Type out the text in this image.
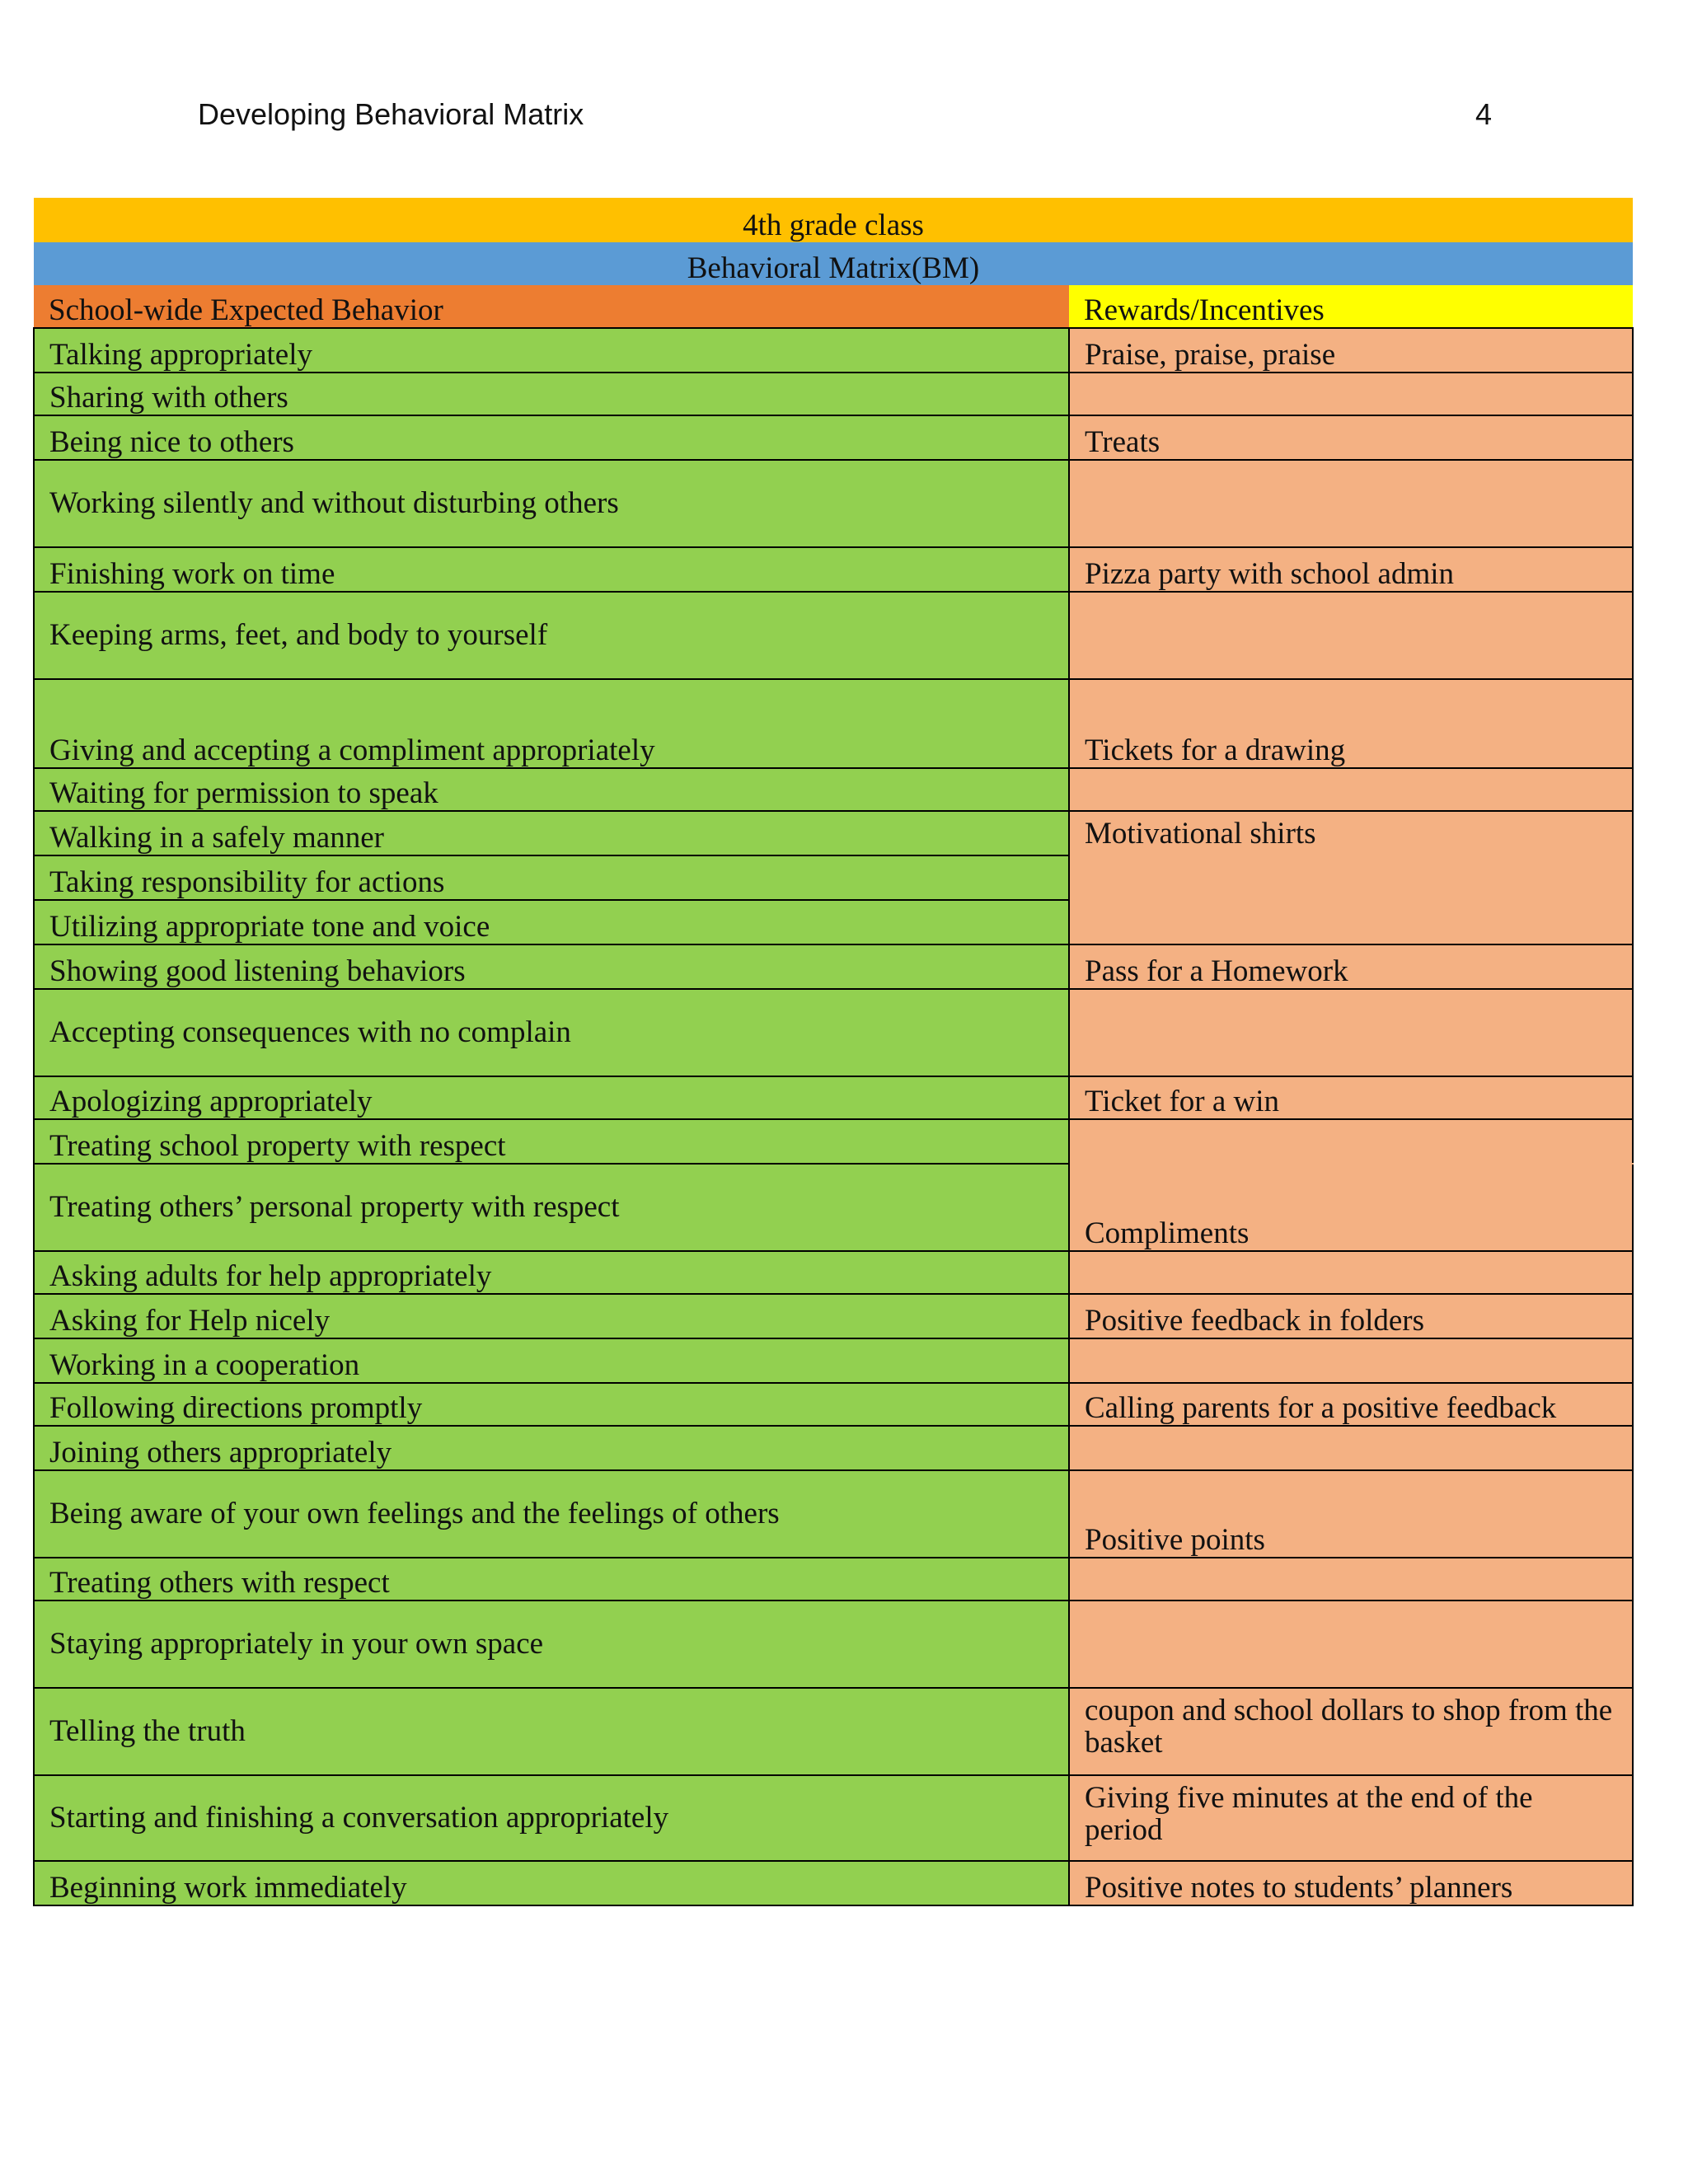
Developing Behavioral Matrix	4
4th grade class	
Behavioral Matrix(BM)	
School-wide Expected Behavior	Rewards/Incentives
Talking appropriately	Praise, praise, praise
Sharing with others	
Being nice to others	Treats
Working silently and without disturbing others	
Finishing work on time	Pizza party with school admin
Keeping arms, feet, and body to yourself	
Giving and accepting a compliment appropriately	Tickets for a drawing
Waiting for permission to speak	
Walking in a safely manner	Motivational shirts
Taking responsibility for actions	
Utilizing appropriate tone and voice	
Showing good listening behaviors	Pass for a Homework
Accepting consequences with no complain	
Apologizing appropriately	Ticket for a win
Treating school property with respect	
Treating others’ personal property with respect	Compliments
Asking adults for help appropriately	
Asking for Help nicely	Positive feedback in folders
Working in a cooperation	
Following directions promptly	Calling parents for a positive feedback
Joining others appropriately	
Being aware of your own feelings and the feelings of others	Positive points
Treating others with respect	
Staying appropriately in your own space	
Telling the truth	coupon and school dollars to shop from the basket
Starting and finishing a conversation appropriately	Giving five minutes at the end of the period
Beginning work immediately	Positive notes to students’ planners
